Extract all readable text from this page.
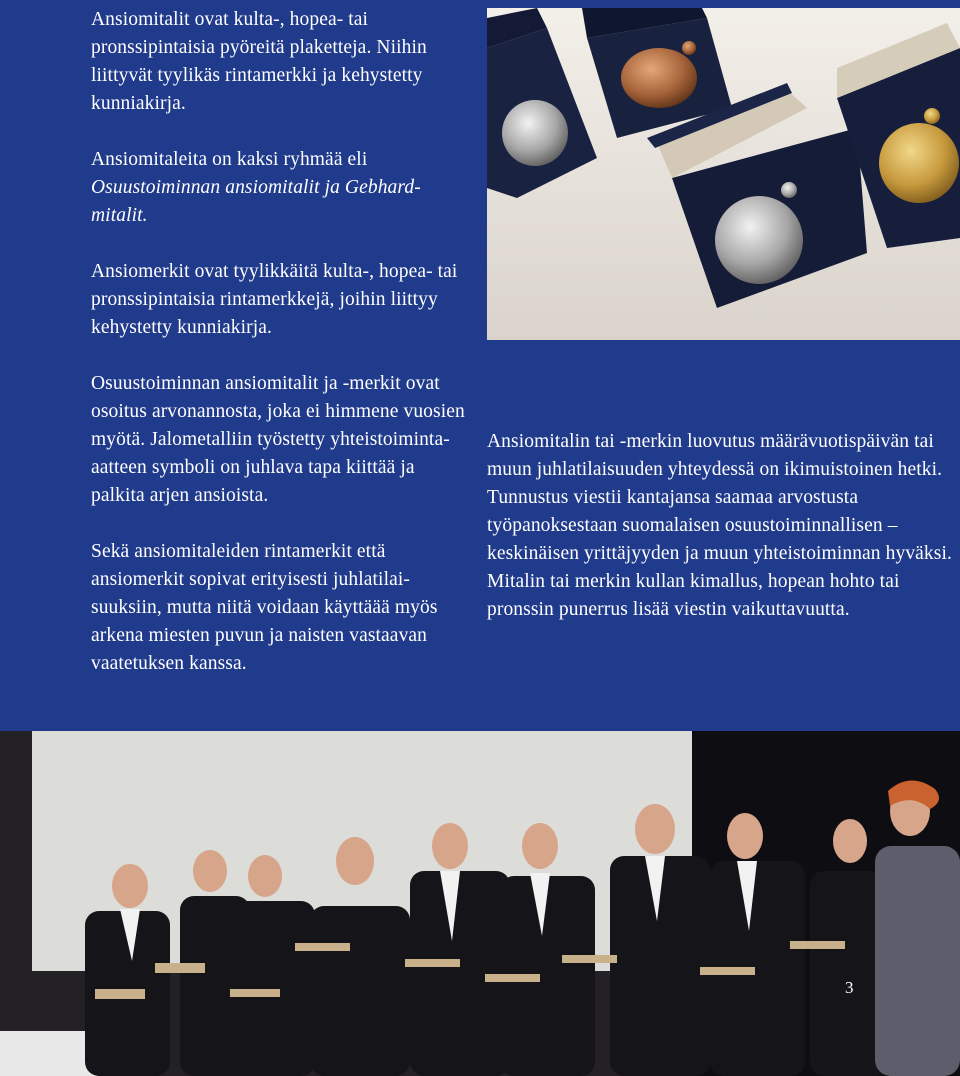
Ansiomitalit ovat kulta-, hopea- tai pronssipintaisia pyöreitä plaketteja. Niihin liittyvät tyylikäs rintamerkki ja kehystetty kunniakirja.

Ansiomitaleita on kaksi ryhmää eli Osuustoiminnan ansiomitalit ja Gebhardmitalit.

Ansiomerkit ovat tyylikkäitä kulta-, hopea- tai pronssipintaisia rintamerkkejä, joihin liittyy kehystetty kunniakirja.

Osuustoiminnan ansiomitalit ja -merkit ovat osoitus arvonannosta, joka ei himmene vuosien myötä. Jalometalliin työstetty yhteistoiminta-aatteen symboli on juhlava tapa kiittää ja palkita arjen ansioista.

Sekä ansiomitaleiden rintamerkit että ansiomerkit sopivat erityisesti juhlatilaisuuksiin, mutta niitä voidaan käyttäää myös arkena miesten puvun ja naisten vastaavan vaatetuksen kanssa.

Ansiomitalin tai -merkin luovutus määrävuotispäivän tai muun juhlatilaisuuden yhteydessä on ikimuistoinen hetki. Tunnustus viestii kantajansa saamaa arvostusta työpanoksestaan suomalaisen osuustoiminnallisen – keskinäisen yrittäjyyden ja muun yhteistoiminnan hyväksi. Mitalin tai merkin kullan kimallus, hopean hohto tai pronssin punerrus lisää viestin vaikuttavuutta.

3
